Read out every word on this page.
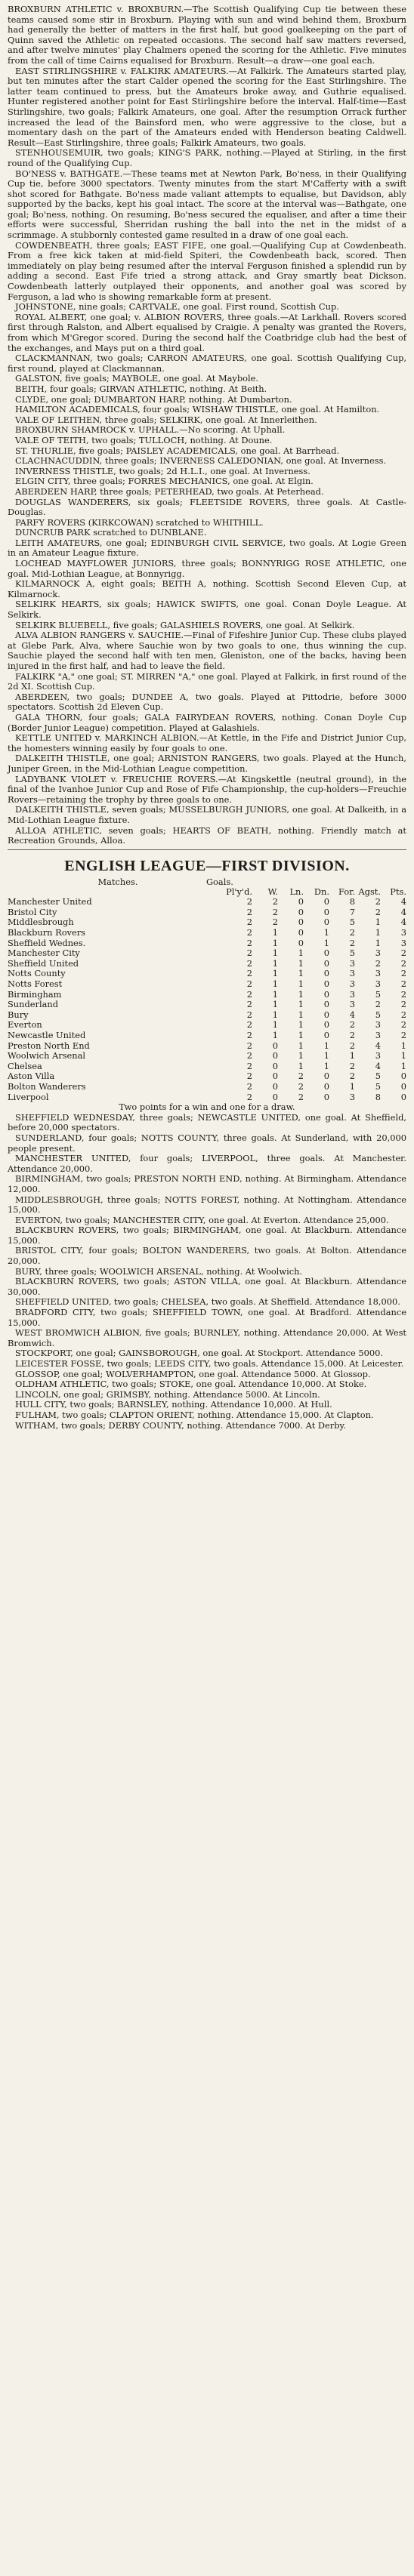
BROXBURN ATHLETIC v. BROXBURN.—The Scottish Qualifying Cup tie between these teams caused some stir in Broxburn. Playing with sun and wind behind them, Broxburn had generally the better of matters in the first half, but good goalkeeping on the part of Quinn saved the Athletic on repeated occasions. The second half saw matters reversed, and after twelve minutes' play Chalmers opened the scoring for the Athletic. Five minutes from the call of time Cairns equalised for Broxburn. Result—a draw—one goal each.

EAST STIRLINGSHIRE v. FALKIRK AMATEURS.—At Falkirk. The Amateurs started play, but ten minutes after the start Calder opened the scoring for the East Stirlingshire. The latter team continued to press, but the Amateurs broke away, and Guthrie equalised. Hunter registered another point for East Stirlingshire before the interval. Half-time—East Stirlingshire, two goals; Falkirk Amateurs, one goal. After the resumption Orrack further increased the lead of the Bainsford men, who were aggressive to the close, but a momentary dash on the part of the Amateurs ended with Henderson beating Caldwell. Result—East Stirlingshire, three goals; Falkirk Amateurs, two goals.

STENHOUSEMUIR, two goals; KING'S PARK, nothing.—Played at Stirling, in the first round of the Qualifying Cup.

BO'NESS v. BATHGATE.—These teams met at Newton Park, Bo'ness, in their Qualifying Cup tie, before 3000 spectators. Twenty minutes from the start M'Cafferty with a swift shot scored for Bathgate. Bo'ness made valiant attempts to equalise, but Davidson, ably supported by the backs, kept his goal intact. The score at the interval was—Bathgate, one goal; Bo'ness, nothing. On resuming, Bo'ness secured the equaliser, and after a time their efforts were successful, Sherridan rushing the ball into the net in the midst of a scrimmage. A stubbornly contested game resulted in a draw of one goal each.

COWDENBEATH, three goals; EAST FIFE, one goal.—Qualifying Cup at Cowdenbeath. From a free kick taken at mid-field Spiteri, the Cowdenbeath back, scored. Then immediately on play being resumed after the interval Ferguson finished a splendid run by adding a second. East Fife tried a strong attack, and Gray smartly beat Dickson. Cowdenbeath latterly outplayed their opponents, and another goal was scored by Ferguson, a lad who is showing remarkable form at present.

JOHNSTONE, nine goals; CARTVALE, one goal. First round, Scottish Cup.

ROYAL ALBERT, one goal; v. ALBION ROVERS, three goals.—At Larkhall. Rovers scored first through Ralston, and Albert equalised by Craigie. A penalty was granted the Rovers, from which M'Gregor scored. During the second half the Coatbridge club had the best of the exchanges, and Mays put on a third goal.

CLACKMANNAN, two goals; CARRON AMATEURS, one goal. Scottish Qualifying Cup, first round, played at Clackmannan.

GALSTON, five goals; MAYBOLE, one goal. At Maybole.

BEITH, four goals; GIRVAN ATHLETIC, nothing. At Beith.

CLYDE, one goal; DUMBARTON HARP, nothing. At Dumbarton.

HAMILTON ACADEMICALS, four goals; WISHAW THISTLE, one goal. At Hamilton.

VALE OF LEITHEN, three goals; SELKIRK, one goal. At Innerleithen.

BROXBURN SHAMROCK v. UPHALL.—No scoring. At Uphall.

VALE OF TEITH, two goals; TULLOCH, nothing. At Doune.

ST. THURLIE, five goals; PAISLEY ACADEMICALS, one goal. At Barrhead.

CLACHNACUDDIN, three goals; INVERNESS CALEDONIAN, one goal. At Inverness.

INVERNESS THISTLE, two goals; 2d H.L.I., one goal. At Inverness.

ELGIN CITY, three goals; FORRES MECHANICS, one goal. At Elgin.

ABERDEEN HARP, three goals; PETERHEAD, two goals. At Peterhead.

DOUGLAS WANDERERS, six goals; FLEETSIDE ROVERS, three goals. At Castle-Douglas.

PARFY ROVERS (KIRKCOWAN) scratched to WHITHILL.

DUNCRUB PARK scratched to DUNBLANE.

LEITH AMATEURS, one goal; EDINBURGH CIVIL SERVICE, two goals. At Logie Green in an Amateur League fixture.

LOCHEAD MAYFLOWER JUNIORS, three goals; BONNYRIGG ROSE ATHLETIC, one goal. Mid-Lothian League, at Bonnyrigg.

KILMARNOCK A, eight goals; BEITH A, nothing. Scottish Second Eleven Cup, at Kilmarnock.

SELKIRK HEARTS, six goals; HAWICK SWIFTS, one goal. Conan Doyle League. At Selkirk.

SELKIRK BLUEBELL, five goals; GALASHIELS ROVERS, one goal. At Selkirk.

ALVA ALBION RANGERS v. SAUCHIE.—Final of Fifeshire Junior Cup. These clubs played at Glebe Park, Alva, where Sauchie won by two goals to one, thus winning the cup. Sauchie played the second half with ten men, Gleniston, one of the backs, having been injured in the first half, and had to leave the field.

FALKIRK "A," one goal; ST. MIRREN "A," one goal. Played at Falkirk, in first round of the 2d XI. Scottish Cup.

ABERDEEN, two goals; DUNDEE A, two goals. Played at Pittodrie, before 3000 spectators. Scottish 2d Eleven Cup.

GALA THORN, four goals; GALA FAIRYDEAN ROVERS, nothing. Conan Doyle Cup (Border Junior League) competition. Played at Galashiels.

KETTLE UNITED v. MARKINCH ALBION.—At Kettle, in the Fife and District Junior Cup, the homesters winning easily by four goals to one.

DALKEITH THISTLE, one goal; ARNISTON RANGERS, two goals. Played at the Hunch, Juniper Green, in the Mid-Lothian League competition.

LADYBANK VIOLET v. FREUCHIE ROVERS.—At Kingskettle (neutral ground), in the final of the Ivanhoe Junior Cup and Rose of Fife Championship, the cup-holders—Freuchie Rovers—retaining the trophy by three goals to one.

DALKEITH THISTLE, seven goals; MUSSELBURGH JUNIORS, one goal. At Dalkeith, in a Mid-Lothian League fixture.

ALLOA ATHLETIC, seven goals; HEARTS OF BEATH, nothing. Friendly match at Recreation Grounds, Alloa.

ENGLISH LEAGUE—FIRST DIVISION.
Matches.                         Goals.
	Pl'y'd.	W.	Ln.	Dn.	For.	Agst.	Pts.
Manchester United	2	2	0	0	8	2	4
Bristol City	2	2	0	0	7	2	4
Middlesbrough	2	2	0	0	5	1	4
Blackburn Rovers	2	1	0	1	2	1	3
Sheffield Wednes.	2	1	0	1	2	1	3
Manchester City	2	1	1	0	5	3	2
Sheffield United	2	1	1	0	3	2	2
Notts County	2	1	1	0	3	3	2
Notts Forest	2	1	1	0	3	3	2
Birmingham	2	1	1	0	3	5	2
Sunderland	2	1	1	0	3	2	2
Bury	2	1	1	0	4	5	2
Everton	2	1	1	0	2	3	2
Newcastle United	2	1	1	0	2	3	2
Preston North End	2	0	1	1	2	4	1
Woolwich Arsenal	2	0	1	1	1	3	1
Chelsea	2	0	1	1	2	4	1
Aston Villa	2	0	2	0	2	5	0
Bolton Wanderers	2	0	2	0	1	5	0
Liverpool	2	0	2	0	3	8	0

Two points for a win and one for a draw.

SHEFFIELD WEDNESDAY, three goals; NEWCASTLE UNITED, one goal. At Sheffield, before 20,000 spectators.

SUNDERLAND, four goals; NOTTS COUNTY, three goals. At Sunderland, with 20,000 people present.

MANCHESTER UNITED, four goals; LIVERPOOL, three goals. At Manchester. Attendance 20,000.

BIRMINGHAM, two goals; PRESTON NORTH END, nothing. At Birmingham. Attendance 12,000.

MIDDLESBROUGH, three goals; NOTTS FOREST, nothing. At Nottingham. Attendance 15,000.

EVERTON, two goals; MANCHESTER CITY, one goal. At Everton. Attendance 25,000.

BLACKBURN ROVERS, two goals; BIRMINGHAM, one goal. At Blackburn. Attendance 15,000.

BRISTOL CITY, four goals; BOLTON WANDERERS, two goals. At Bolton. Attendance 20,000.

BURY, three goals; WOOLWICH ARSENAL, nothing. At Woolwich.

BLACKBURN ROVERS, two goals; ASTON VILLA, one goal. At Blackburn. Attendance 30,000.

SHEFFIELD UNITED, two goals; CHELSEA, two goals. At Sheffield. Attendance 18,000.

BRADFORD CITY, two goals; SHEFFIELD TOWN, one goal. At Bradford. Attendance 15,000.

WEST BROMWICH ALBION, five goals; BURNLEY, nothing. Attendance 20,000. At West Bromwich.

STOCKPORT, one goal; GAINSBOROUGH, one goal. At Stockport. Attendance 5000.

LEICESTER FOSSE, two goals; LEEDS CITY, two goals. Attendance 15,000. At Leicester.

GLOSSOP, one goal; WOLVERHAMPTON, one goal. Attendance 5000. At Glossop.

OLDHAM ATHLETIC, two goals; STOKE, one goal. Attendance 10,000. At Stoke.

LINCOLN, one goal; GRIMSBY, nothing. Attendance 5000. At Lincoln.

HULL CITY, two goals; BARNSLEY, nothing. Attendance 10,000. At Hull.

FULHAM, two goals; CLAPTON ORIENT, nothing. Attendance 15,000. At Clapton.

WITHAM, two goals; DERBY COUNTY, nothing. Attendance 7000. At Derby.
